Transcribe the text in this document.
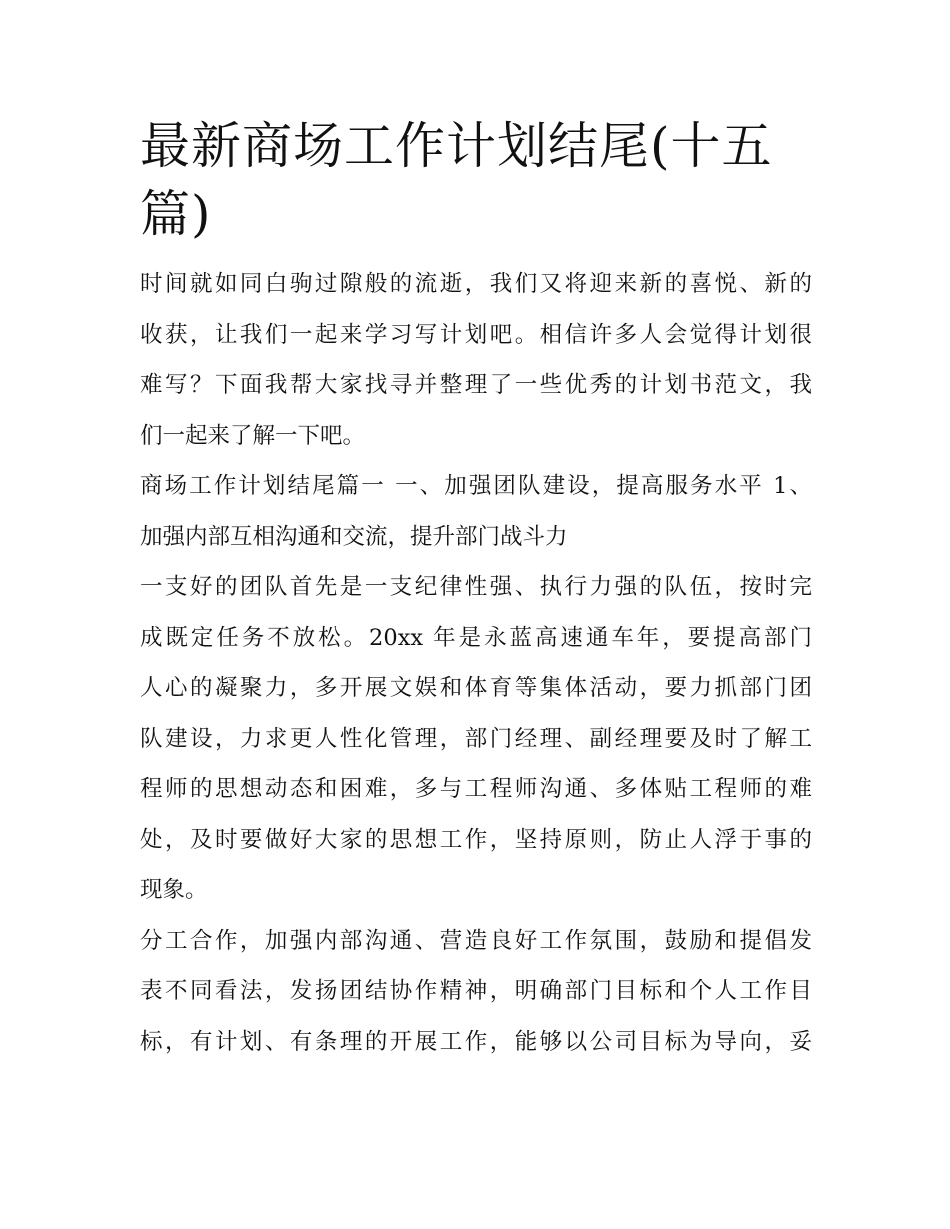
最新商场工作计划结尾(十五
篇)

时间就如同白驹过隙般的流逝，我们又将迎来新的喜悦、新的
收获，让我们一起来学习写计划吧。相信许多人会觉得计划很
难写？下面我帮大家找寻并整理了一些优秀的计划书范文，我
们一起来了解一下吧。

商场工作计划结尾篇一 一、加强团队建设，提高服务水平 1、
加强内部互相沟通和交流，提升部门战斗力

一支好的团队首先是一支纪律性强、执行力强的队伍，按时完
成既定任务不放松。20xx 年是永蓝高速通车年，要提高部门
人心的凝聚力，多开展文娱和体育等集体活动，要力抓部门团
队建设，力求更人性化管理，部门经理、副经理要及时了解工
程师的思想动态和困难，多与工程师沟通、多体贴工程师的难
处，及时要做好大家的思想工作，坚持原则，防止人浮于事的
现象。

分工合作，加强内部沟通、营造良好工作氛围，鼓励和提倡发
表不同看法，发扬团结协作精神，明确部门目标和个人工作目
标，有计划、有条理的开展工作，能够以公司目标为导向，妥
